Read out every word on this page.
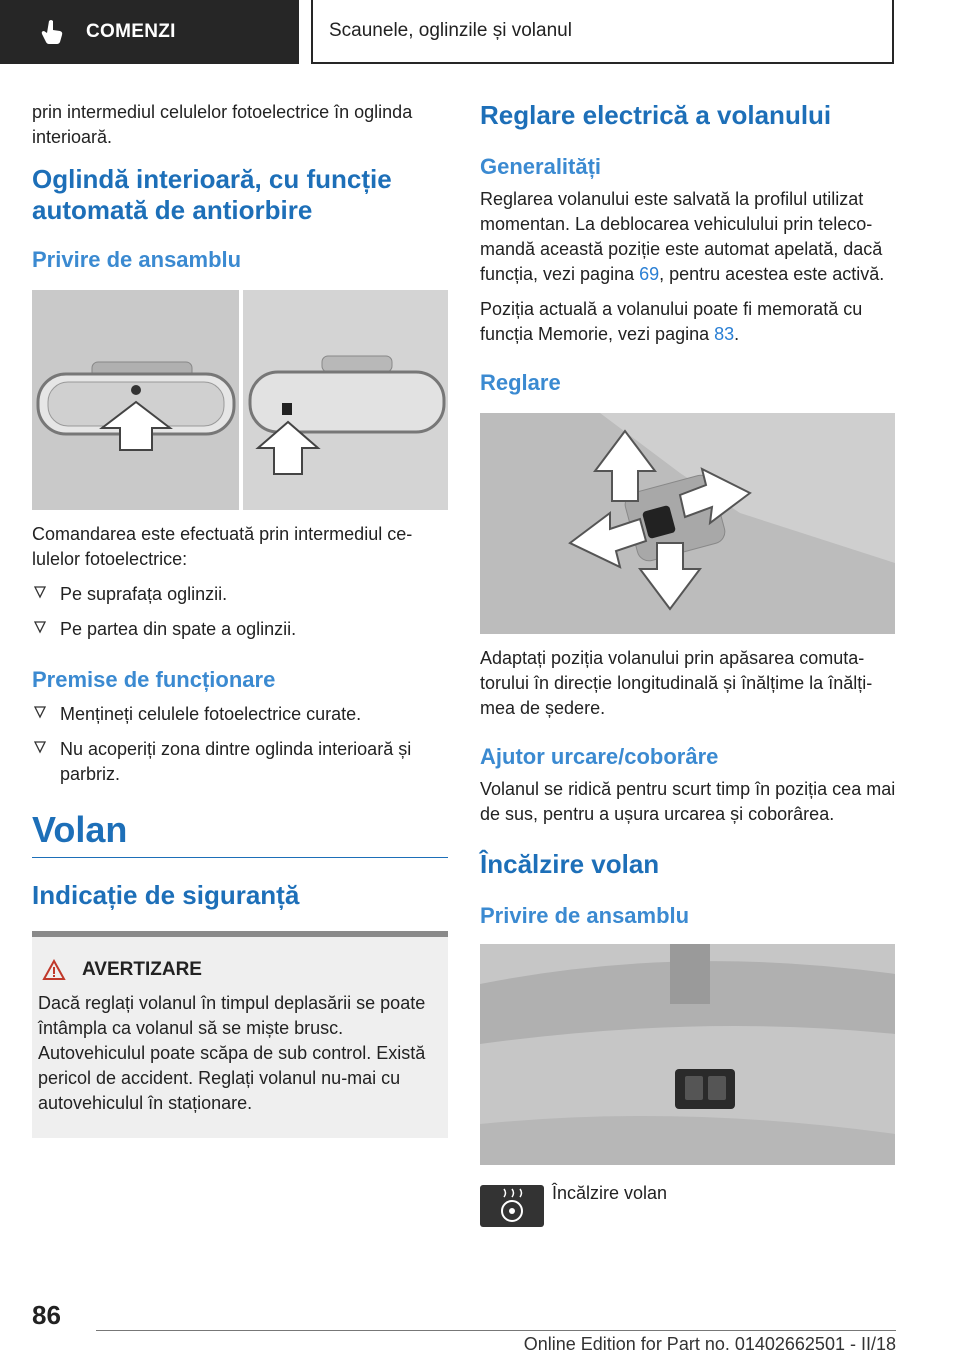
COMENZI	Scaunele, oglinzile și volanul

prin intermediul celulelor fotoelectrice în oglinda interioară.

Oglindă interioară, cu funcție automată de antiorbire
Privire de ansamblu

Comandarea este efectuată prin intermediul ce-lulelor fotoelectrice:

Pe suprafața oglinzii.
Pe partea din spate a oglinzii.
Premise de funcționare
Mențineți celulele fotoelectrice curate.
Nu acoperiți zona dintre oglinda interioară și parbriz.
Volan
Indicație de siguranță
AVERTIZARE

Dacă reglați volanul în timpul deplasării se poate întâmpla ca volanul să se miște brusc. Autovehiculul poate scăpa de sub control. Există pericol de accident. Reglați volanul nu-mai cu autovehiculul în staționare.

Reglare electrică a volanului
Generalități

Reglarea volanului este salvată la profilul utilizat momentan. La deblocarea vehiculului prin teleco-mandă această poziție este automat apelată, dacă funcția, vezi pagina 69, pentru acestea este activă.

Poziția actuală a volanului poate fi memorată cu funcția Memorie, vezi pagina 83.

Reglare

Adaptați poziția volanului prin apăsarea comuta-torului în direcție longitudinală și înălțime la înălți-mea de ședere.

Ajutor urcare/coborâre

Volanul se ridică pentru scurt timp în poziția cea mai de sus, pentru a ușura urcarea și coborârea.

Încălzire volan
Privire de ansamblu
Încălzire volan
86
Online Edition for Part no. 01402662501 - II/18
